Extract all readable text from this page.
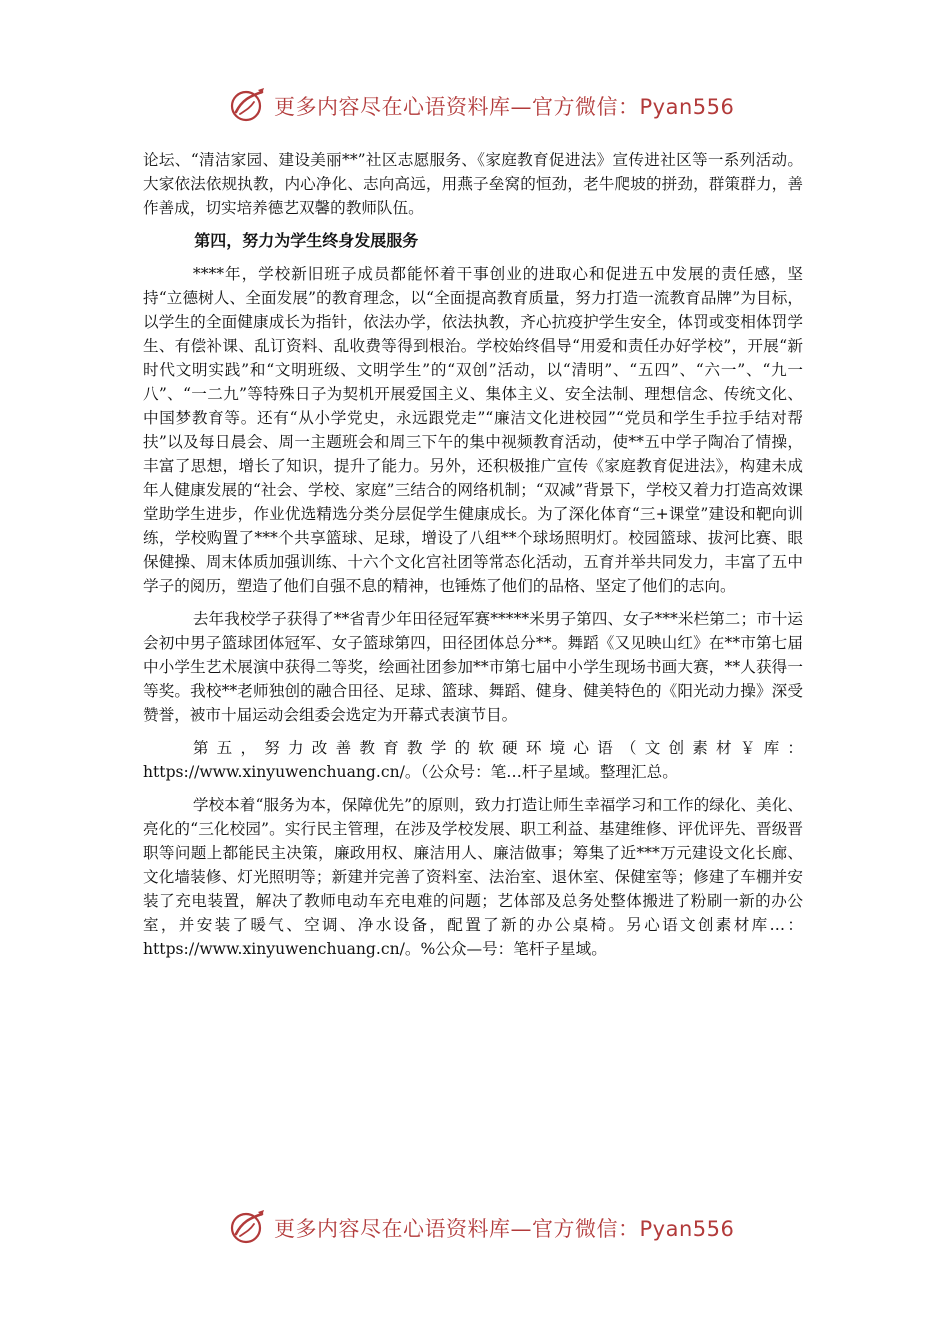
更多内容尽在心语资料库—官方微信：Pyan556

论坛、“清洁家园、建设美丽**”社区志愿服务、《家庭教育促进法》宣传进社区等一系列活动。大家依法依规执教，内心净化、志向高远，用燕子垒窝的恒劲，老牛爬坡的拼劲，群策群力，善作善成，切实培养德艺双馨的教师队伍。

第四，努力为学生终身发展服务

****年，学校新旧班子成员都能怀着干事创业的进取心和促进五中发展的责任感，坚持“立德树人、全面发展”的教育理念，以“全面提高教育质量，努力打造一流教育品牌”为目标，以学生的全面健康成长为指针，依法办学，依法执教，齐心抗疫护学生安全，体罚或变相体罚学生、有偿补课、乱订资料、乱收费等得到根治。学校始终倡导“用爱和责任办好学校”，开展“新时代文明实践”和“文明班级、文明学生”的“双创”活动，以“清明”、“五四”、“六一”、“九一八”、“一二九”等特殊日子为契机开展爱国主义、集体主义、安全法制、理想信念、传统文化、中国梦教育等。还有“从小学党史，永远跟党走”“廉洁文化进校园”“党员和学生手拉手结对帮扶”以及每日晨会、周一主题班会和周三下午的集中视频教育活动，使**五中学子陶冶了情操，丰富了思想，增长了知识，提升了能力。另外，还积极推广宣传《家庭教育促进法》，构建未成年人健康发展的“社会、学校、家庭”三结合的网络机制；“双减”背景下，学校又着力打造高效课堂助学生进步，作业优选精选分类分层促学生健康成长。为了深化体育“三+课堂”建设和靶向训练，学校购置了***个共享篮球、足球，增设了八组**个球场照明灯。校园篮球、拔河比赛、眼保健操、周末体质加强训练、十六个文化宫社团等常态化活动，五育并举共同发力，丰富了五中学子的阅历，塑造了他们自强不息的精神，也锤炼了他们的品格、坚定了他们的志向。

去年我校学子获得了**省青少年田径冠军赛*****米男子第四、女子***米栏第二；市十运会初中男子篮球团体冠军、女子篮球第四，田径团体总分**。舞蹈《又见映山红》在**市第七届中小学生艺术展演中获得二等奖，绘画社团参加**市第七届中小学生现场书画大赛，**人获得一等奖。我校**老师独创的融合田径、足球、篮球、舞蹈、健身、健美特色的《阳光动力操》深受赞誉，被市十届运动会组委会选定为开幕式表演节目。

第五，努力改善教育教学的软硬环境心语（文创素材￥库：https://www.xinyuwenchuang.cn/。（公众号：笔…杆子星域。整理汇总。

学校本着“服务为本，保障优先”的原则，致力打造让师生幸福学习和工作的绿化、美化、亮化的“三化校园”。实行民主管理，在涉及学校发展、职工利益、基建维修、评优评先、晋级晋职等问题上都能民主决策，廉政用权、廉洁用人、廉洁做事；筹集了近***万元建设文化长廊、文化墙装修、灯光照明等；新建并完善了资料室、法治室、退休室、保健室等；修建了车棚并安装了充电装置，解决了教师电动车充电难的问题；艺体部及总务处整体搬进了粉刷一新的办公室，并安装了暖气、空调、净水设备，配置了新的办公桌椅。另心语文创素材库…：https://www.xinyuwenchuang.cn/。%公众—号：笔杆子星域。

更多内容尽在心语资料库—官方微信：Pyan556
